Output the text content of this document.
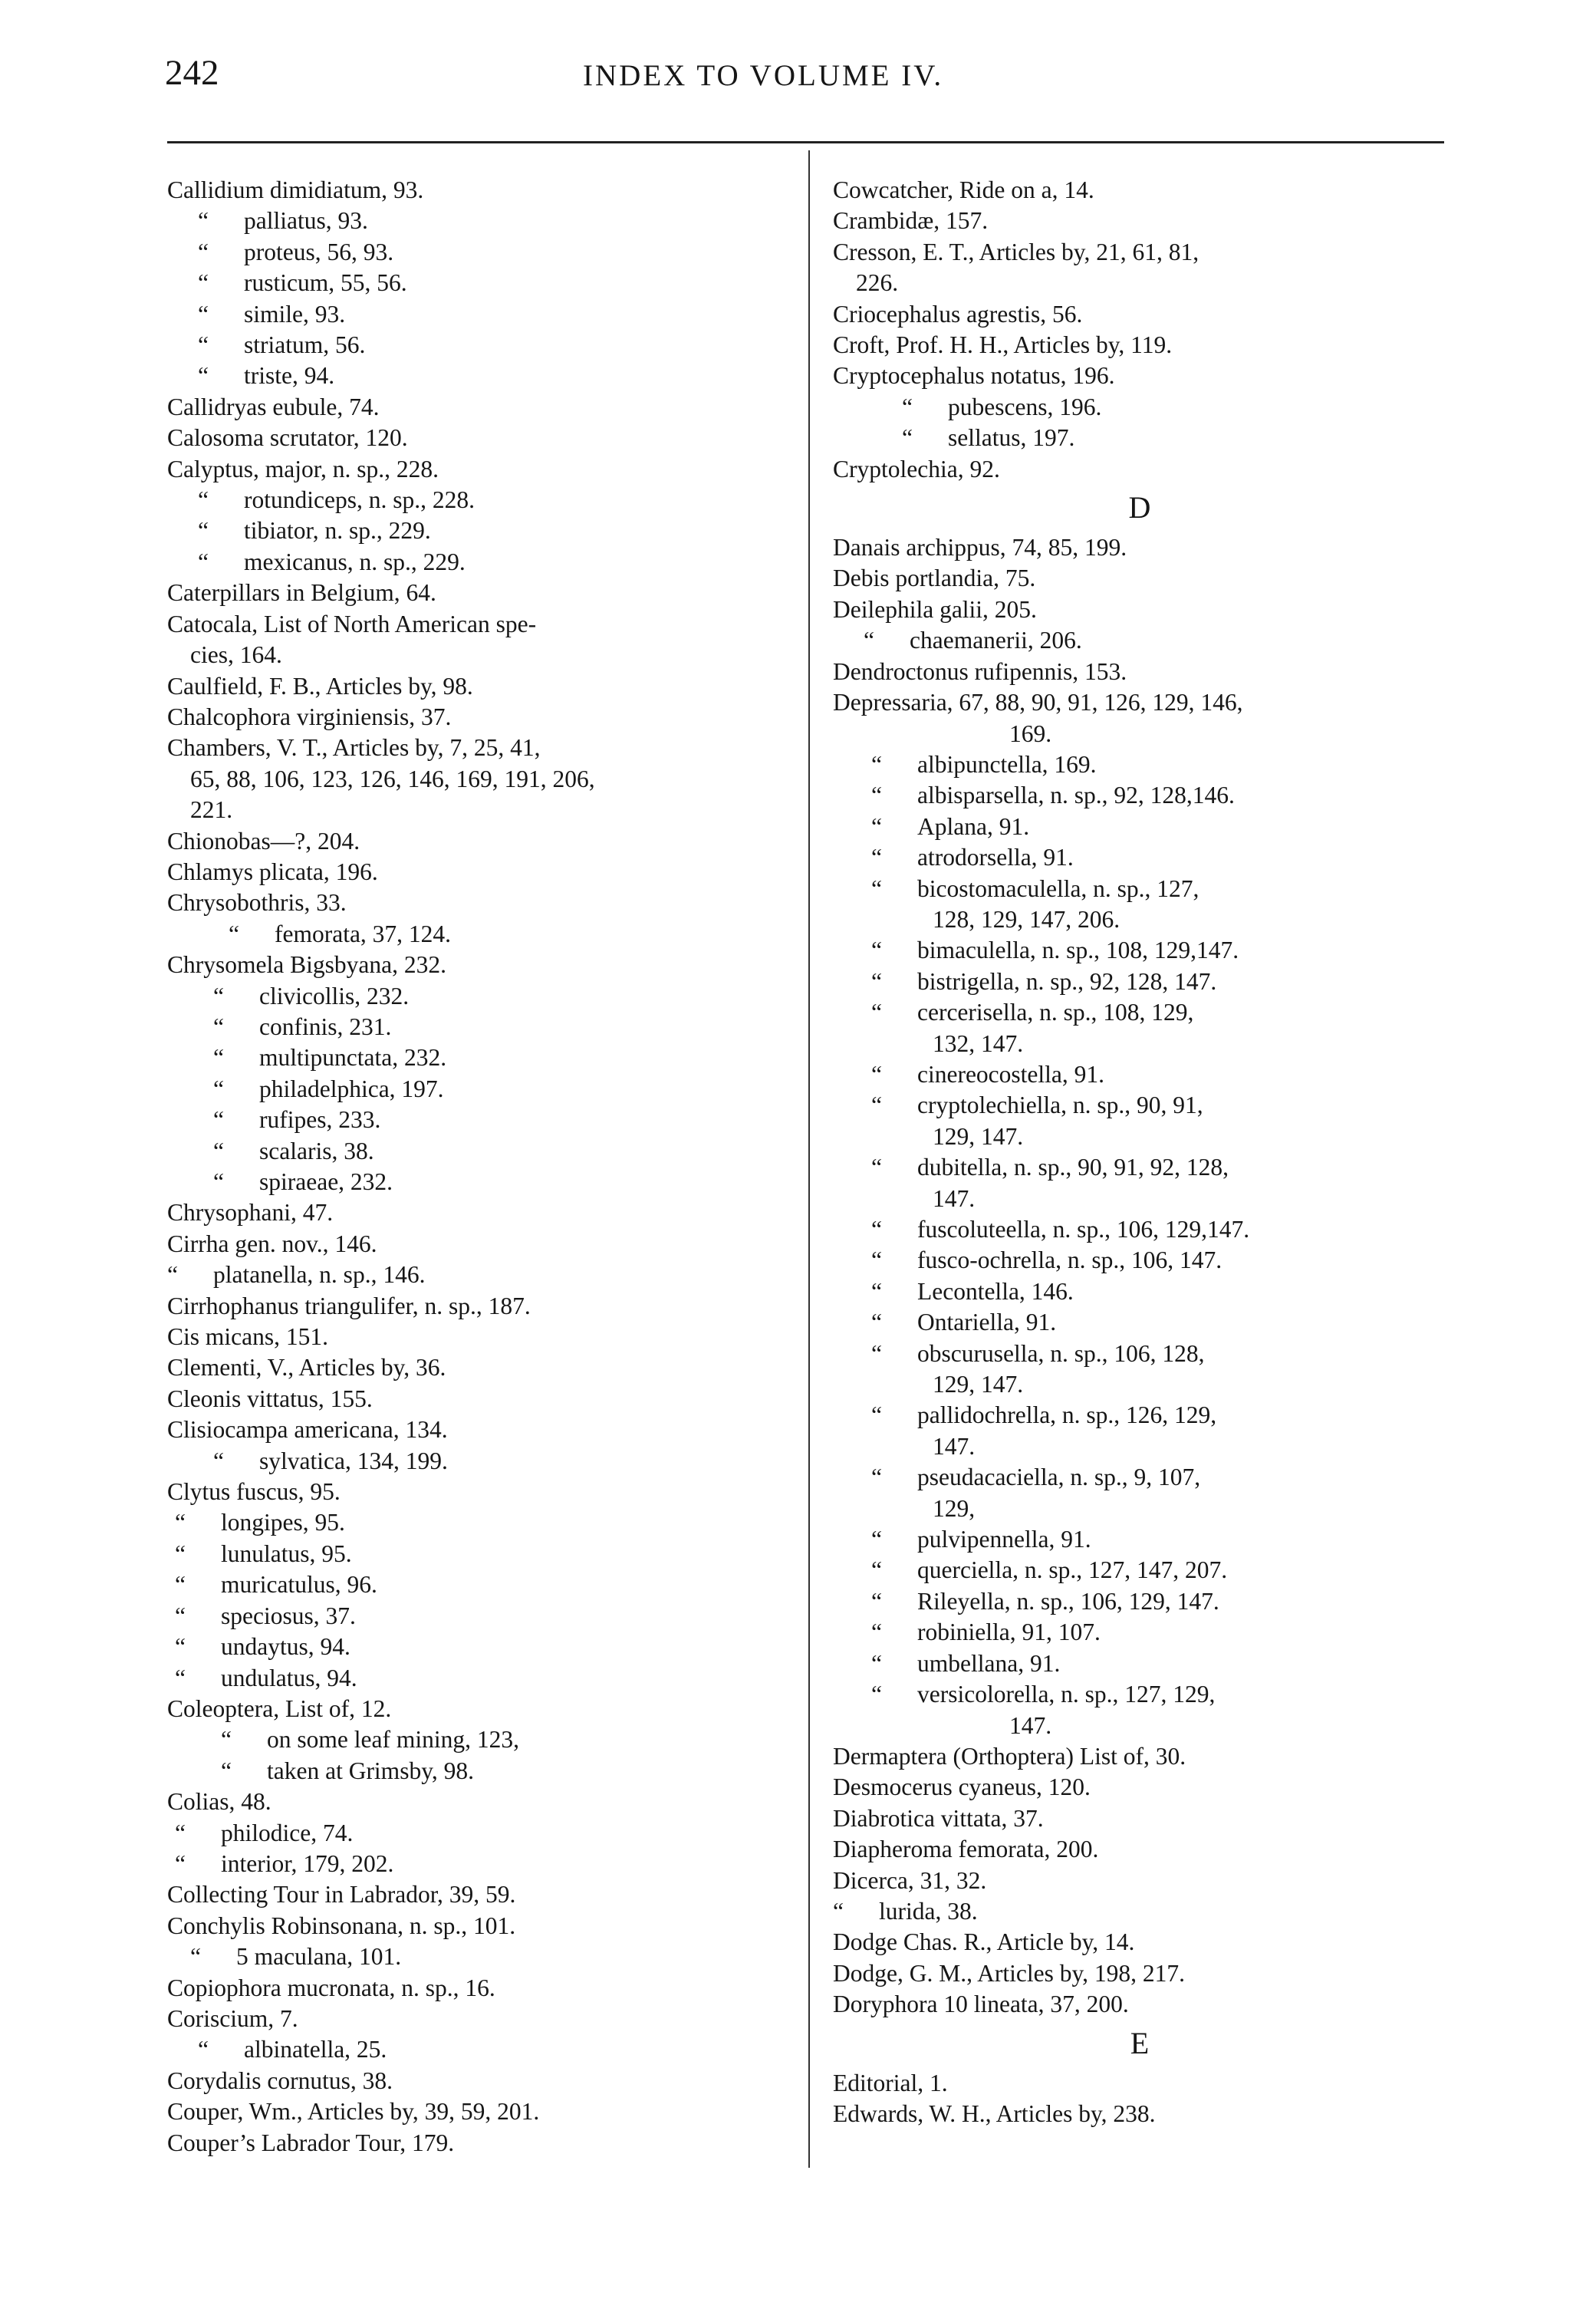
242	INDEX TO VOLUME IV.
Callidium dimidiatum, 93.
“ palliatus, 93.
“ proteus, 56, 93.
“ rusticum, 55, 56.
“ simile, 93.
“ striatum, 56.
“ triste, 94.
Callidryas eubule, 74.
Calosoma scrutator, 120.
Calyptus, major, n. sp., 228.
“ rotundiceps, n. sp., 228.
“ tibiator, n. sp., 229.
“ mexicanus, n. sp., 229.
Caterpillars in Belgium, 64.
Catocala, List of North American spe-
cies, 164.
Caulfield, F. B., Articles by, 98.
Chalcophora virginiensis, 37.
Chambers, V. T., Articles by, 7, 25, 41,
65, 88, 106, 123, 126, 146, 169, 191, 206,
221.
Chionobas—?, 204.
Chlamys plicata, 196.
Chrysobothris, 33.
“ femorata, 37, 124.
Chrysomela Bigsbyana, 232.
“ clivicollis, 232.
“ confinis, 231.
“ multipunctata, 232.
“ philadelphica, 197.
“ rufipes, 233.
“ scalaris, 38.
“ spiraeae, 232.
Chrysophani, 47.
Cirrha gen. nov., 146.
“ platanella, n. sp., 146.
Cirrhophanus triangulifer, n. sp., 187.
Cis micans, 151.
Clementi, V., Articles by, 36.
Cleonis vittatus, 155.
Clisiocampa americana, 134.
“ sylvatica, 134, 199.
Clytus fuscus, 95.
“ longipes, 95.
“ lunulatus, 95.
“ muricatulus, 96.
“ speciosus, 37.
“ undaytus, 94.
“ undulatus, 94.
Coleoptera, List of, 12.
“ on some leaf mining, 123,
“ taken at Grimsby, 98.
Colias, 48.
“ philodice, 74.
“ interior, 179, 202.
Collecting Tour in Labrador, 39, 59.
Conchylis Robinsonana, n. sp., 101.
“ 5 maculana, 101.
Copiophora mucronata, n. sp., 16.
Coriscium, 7.
“ albinatella, 25.
Corydalis cornutus, 38.
Couper, Wm., Articles by, 39, 59, 201.
Couper’s Labrador Tour, 179.
Cowcatcher, Ride on a, 14.
Crambidæ, 157.
Cresson, E. T., Articles by, 21, 61, 81,
226.
Criocephalus agrestis, 56.
Croft, Prof. H. H., Articles by, 119.
Cryptocephalus notatus, 196.
“ pubescens, 196.
“ sellatus, 197.
Cryptolechia, 92.
D
Danais archippus, 74, 85, 199.
Debis portlandia, 75.
Deilephila galii, 205.
“ chaemanerii, 206.
Dendroctonus rufipennis, 153.
Depressaria, 67, 88, 90, 91, 126, 129, 146,
169.
“ albipunctella, 169.
“ albisparsella, n. sp., 92, 128,146.
“ Aplana, 91.
“ atrodorsella, 91.
“ bicostomaculella, n. sp., 127,
128, 129, 147, 206.
“ bimaculella, n. sp., 108, 129,147.
“ bistrigella, n. sp., 92, 128, 147.
“ cercerisella, n. sp., 108, 129,
132, 147.
“ cinereocostella, 91.
“ cryptolechiella, n. sp., 90, 91,
129, 147.
“ dubitella, n. sp., 90, 91, 92, 128,
147.
“ fuscoluteella, n. sp., 106, 129,147.
“ fusco-ochrella, n. sp., 106, 147.
“ Lecontella, 146.
“ Ontariella, 91.
“ obscurusella, n. sp., 106, 128,
129, 147.
“ pallidochrella, n. sp., 126, 129,
147.
“ pseudacaciella, n. sp., 9, 107,
129,
“ pulvipennella, 91.
“ querciella, n. sp., 127, 147, 207.
“ Rileyella, n. sp., 106, 129, 147.
“ robiniella, 91, 107.
“ umbellana, 91.
“ versicolorella, n. sp., 127, 129,
147.
Dermaptera (Orthoptera) List of, 30.
Desmocerus cyaneus, 120.
Diabrotica vittata, 37.
Diapheroma femorata, 200.
Dicerca, 31, 32.
“ lurida, 38.
Dodge Chas. R., Article by, 14.
Dodge, G. M., Articles by, 198, 217.
Doryphora 10 lineata, 37, 200.
E
Editorial, 1.
Edwards, W. H., Articles by, 238.
